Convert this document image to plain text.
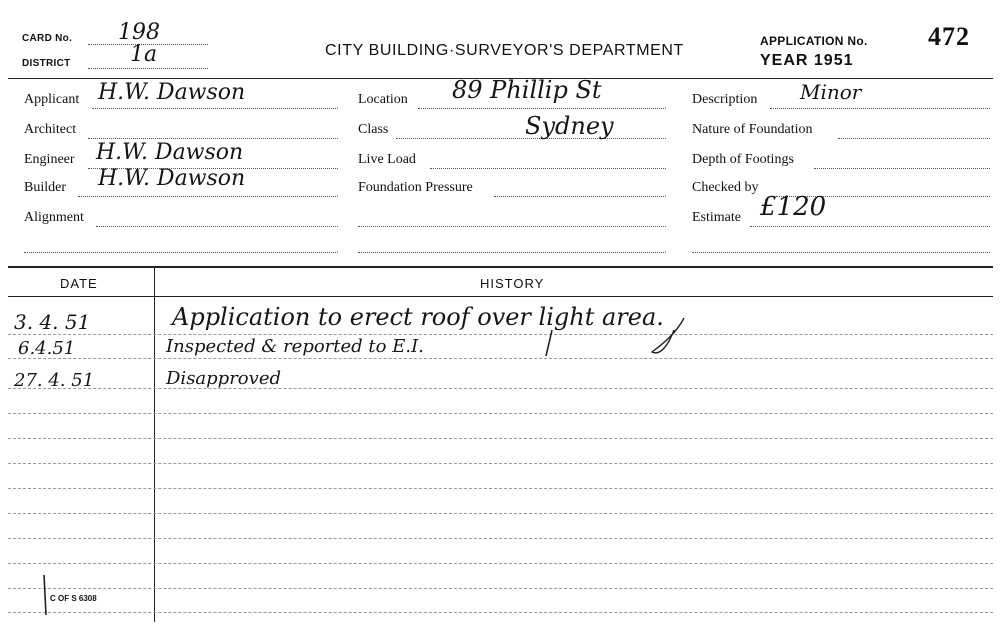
CARD No. 198
DISTRICT	1a	CITY BUILDING·SURVEYOR'S DEPARTMENT
APPLICATION No. 472
YEAR 1951
Applicant H.W. Dawson
Architect
Engineer H.W. Dawson
Builder H.W. Dawson
Alignment
Location 89 Phillip St
Class	Sydney
Live Load
Foundation Pressure
Description Minor
Nature of Foundation
Depth of Footings
Checked by
Estimate £120
DATE	HISTORY
3. 4. 51	Application to erect roof over light area.
6.4.51	Inspected & reported to E.I.
27. 4. 51	Disapproved
C OF S 6308
